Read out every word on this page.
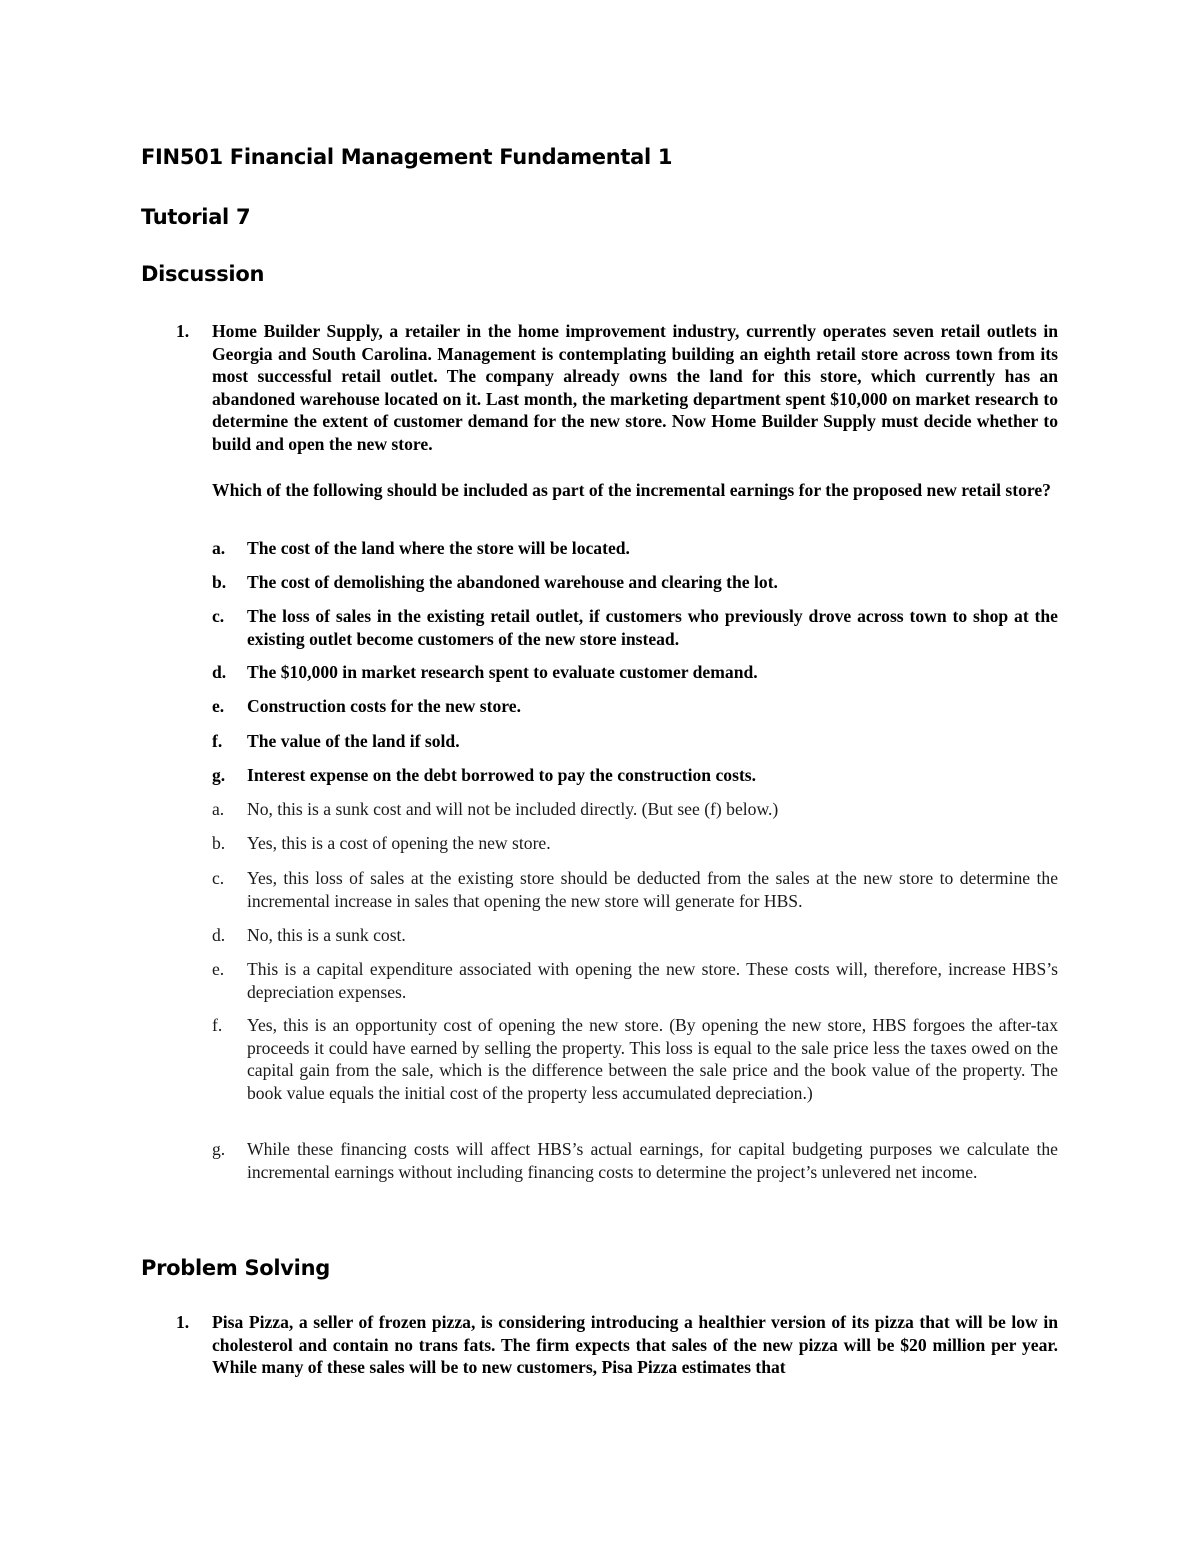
FIN501 Financial Management Fundamental 1
Tutorial 7
Discussion
1. Home Builder Supply, a retailer in the home improvement industry, currently operates seven retail outlets in Georgia and South Carolina. Management is contemplating building an eighth retail store across town from its most successful retail outlet. The company already owns the land for this store, which currently has an abandoned warehouse located on it. Last month, the marketing department spent $10,000 on market research to determine the extent of customer demand for the new store. Now Home Builder Supply must decide whether to build and open the new store.
Which of the following should be included as part of the incremental earnings for the proposed new retail store?
a. The cost of the land where the store will be located.
b. The cost of demolishing the abandoned warehouse and clearing the lot.
c. The loss of sales in the existing retail outlet, if customers who previously drove across town to shop at the existing outlet become customers of the new store instead.
d. The $10,000 in market research spent to evaluate customer demand.
e. Construction costs for the new store.
f. The value of the land if sold.
g. Interest expense on the debt borrowed to pay the construction costs.
a. No, this is a sunk cost and will not be included directly. (But see (f) below.)
b. Yes, this is a cost of opening the new store.
c. Yes, this loss of sales at the existing store should be deducted from the sales at the new store to determine the incremental increase in sales that opening the new store will generate for HBS.
d. No, this is a sunk cost.
e. This is a capital expenditure associated with opening the new store. These costs will, therefore, increase HBS’s depreciation expenses.
f. Yes, this is an opportunity cost of opening the new store. (By opening the new store, HBS forgoes the after-tax proceeds it could have earned by selling the property. This loss is equal to the sale price less the taxes owed on the capital gain from the sale, which is the difference between the sale price and the book value of the property. The book value equals the initial cost of the property less accumulated depreciation.)
g. While these financing costs will affect HBS’s actual earnings, for capital budgeting purposes we calculate the incremental earnings without including financing costs to determine the project’s unlevered net income.
Problem Solving
1. Pisa Pizza, a seller of frozen pizza, is considering introducing a healthier version of its pizza that will be low in cholesterol and contain no trans fats. The firm expects that sales of the new pizza will be $20 million per year. While many of these sales will be to new customers, Pisa Pizza estimates that
